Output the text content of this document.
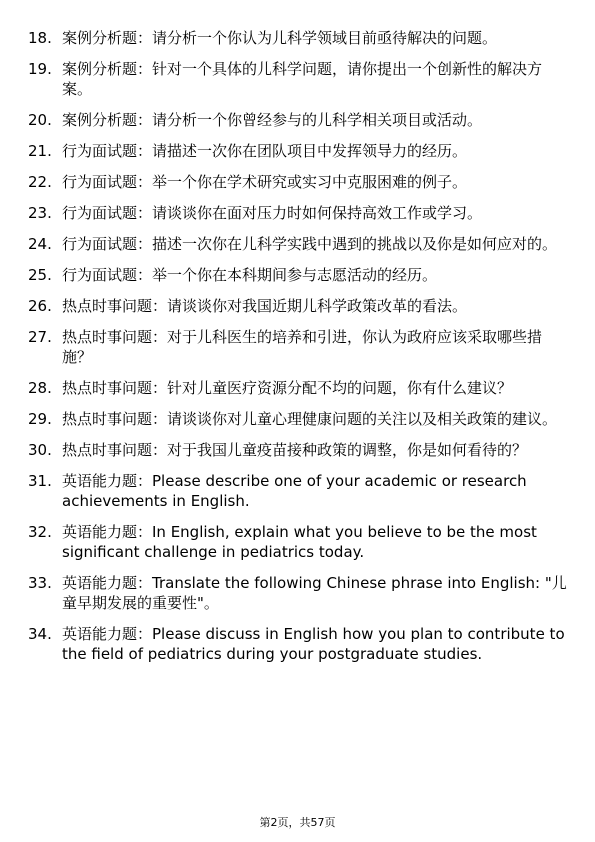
18. 案例分析题：请分析一个你认为儿科学领域目前亟待解决的问题。
19. 案例分析题：针对一个具体的儿科学问题，请你提出一个创新性的解决方案。
20. 案例分析题：请分析一个你曾经参与的儿科学相关项目或活动。
21. 行为面试题：请描述一次你在团队项目中发挥领导力的经历。
22. 行为面试题：举一个你在学术研究或实习中克服困难的例子。
23. 行为面试题：请谈谈你在面对压力时如何保持高效工作或学习。
24. 行为面试题：描述一次你在儿科学实践中遇到的挑战以及你是如何应对的。
25. 行为面试题：举一个你在本科期间参与志愿活动的经历。
26. 热点时事问题：请谈谈你对我国近期儿科学政策改革的看法。
27. 热点时事问题：对于儿科医生的培养和引进，你认为政府应该采取哪些措施？
28. 热点时事问题：针对儿童医疗资源分配不均的问题，你有什么建议？
29. 热点时事问题：请谈谈你对儿童心理健康问题的关注以及相关政策的建议。
30. 热点时事问题：对于我国儿童疫苗接种政策的调整，你是如何看待的？
31. 英语能力题：Please describe one of your academic or research achievements in English.
32. 英语能力题：In English, explain what you believe to be the most significant challenge in pediatrics today.
33. 英语能力题：Translate the following Chinese phrase into English: "儿童早期发展的重要性"。
34. 英语能力题：Please discuss in English how you plan to contribute to the field of pediatrics during your postgraduate studies.
第2页，共57页
